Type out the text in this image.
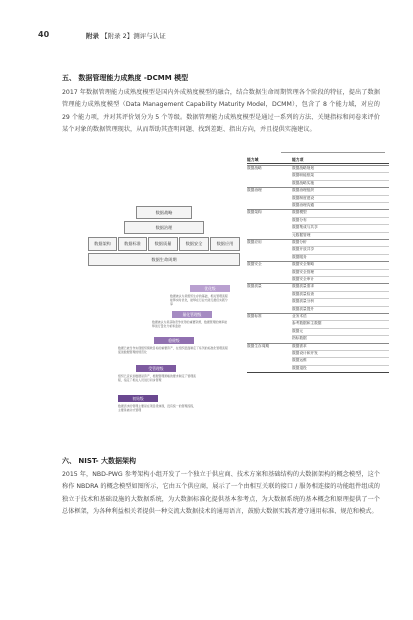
40	附录 【附录 2】测评与认证
五、 数据管理能力成熟度 -DCMM 模型
2017 年数据管理能力成熟度模型是国内外成熟度模型的融合，结合数据生命周期管理各个阶段的特征，提出了数据管理能力成熟度模型（Data Management Capability Maturity Model，DCMM），包含了 8 个能力域，对应的 29 个能力项，并对其评价划分为 5 个等级。数据管理能力成熟度模型是通过一系列的方法、关键指标和问卷来评价某个对象的数据管理现状，从而帮助其查明问题、找到差距、指出方向，并且提供实施建议。
数据战略
数据治理
数据架构	数据标准	数据质量	数据安全	数据应用
数据生命周期
优化级
数据被认为是组织生存的基础，相关管理流程能够实时优化，能够在行业内进行最佳实践分享
量化管理级
数据被认为是获取竞争优势的重要资源，数据管理的效率能够进行量化分析和监控
稳健级
数据已被当作实现组织绩效目标的重要资产，在组织层面制定了系列的标准化管理流程促进数据管理的规范化
受管理级
组织已意识到数据是资产，根据管理策略的要求制定了管理流程，指定了相关人员进行初步管理
初始级
数据需求的管理主要是在项目级体现，没有统一的管理流程，主要是被动式管理
能力域	能力项
数据战略	数据战略规划
数据职能框架
数据战略实施
数据治理	数据治理组织
数据制度建设
数据治理沟通
数据架构	数据模型
数据分布
数据集成与共享
元数据管理
数据应用	数据分析
数据开放共享
数据服务
数据安全	数据安全策略
数据安全管理
数据安全审计
数据质量	数据质量需求
数据质量检查
数据质量分析
数据质量提升
数据标准	业务术语
参考数据和主数据
数据元
指标数据
数据生存周期	数据需求
数据设计和开发
数据运维
数据退役
六、 NIST- 大数据架构
2015 年，NBD-PWG 参考架构小组开发了一个独立于供应商、技术方案和基础结构的大数据架构的概念模型，这个称作 NBDRA 的概念模型如图所示，它由五个供应商，展示了一个由相互关联的接口 / 服务相连接的功能组件组成的独立于技术和基础设施的大数据系统，为大数据标准化提供基本参考点，为大数据系统的基本概念和原理提供了一个总体框架，为各种利益相关者提供一种交流大数据技术的通用语言，鼓励大数据实践者遵守通用标准、规范和模式。
